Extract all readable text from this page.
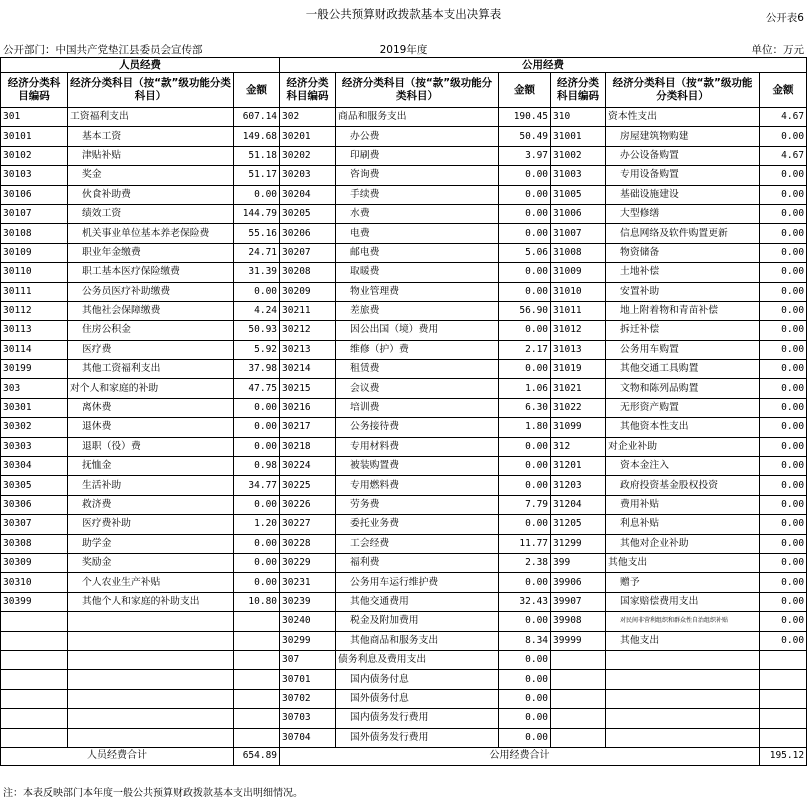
一般公共预算财政拨款基本支出决算表	公开表6
公开部门：中国共产党垫江县委员会宣传部	2019年度	单位：万元
人员经费			公用经费					
经济分类科目编码	经济分类科目（按“款”级功能分类科目）	金额	经济分类科目编码	经济分类科目（按“款”级功能分类科目）	金额	经济分类科目编码	经济分类科目（按“款”级功能分类科目）	金额
301	工资福利支出	607.14	302	商品和服务支出	190.45	310	资本性支出	4.67
30101	基本工资	149.68	30201	办公费	50.49	31001	房屋建筑物购建	0.00
30102	津贴补贴	51.18	30202	印刷费	3.97	31002	办公设备购置	4.67
30103	奖金	51.17	30203	咨询费	0.00	31003	专用设备购置	0.00
30106	伙食补助费	0.00	30204	手续费	0.00	31005	基础设施建设	0.00
30107	绩效工资	144.79	30205	水费	0.00	31006	大型修缮	0.00
30108	机关事业单位基本养老保险费	55.16	30206	电费	0.00	31007	信息网络及软件购置更新	0.00
30109	职业年金缴费	24.71	30207	邮电费	5.06	31008	物资储备	0.00
30110	职工基本医疗保险缴费	31.39	30208	取暖费	0.00	31009	土地补偿	0.00
30111	公务员医疗补助缴费	0.00	30209	物业管理费	0.00	31010	安置补助	0.00
30112	其他社会保障缴费	4.24	30211	差旅费	56.90	31011	地上附着物和青苗补偿	0.00
30113	住房公积金	50.93	30212	因公出国（境）费用	0.00	31012	拆迁补偿	0.00
30114	医疗费	5.92	30213	维修（护）费	2.17	31013	公务用车购置	0.00
30199	其他工资福利支出	37.98	30214	租赁费	0.00	31019	其他交通工具购置	0.00
303	对个人和家庭的补助	47.75	30215	会议费	1.06	31021	文物和陈列品购置	0.00
30301	离休费	0.00	30216	培训费	6.30	31022	无形资产购置	0.00
30302	退休费	0.00	30217	公务接待费	1.80	31099	其他资本性支出	0.00
30303	退职（役）费	0.00	30218	专用材料费	0.00	312	对企业补助	0.00
30304	抚恤金	0.98	30224	被装购置费	0.00	31201	资本金注入	0.00
30305	生活补助	34.77	30225	专用燃料费	0.00	31203	政府投资基金股权投资	0.00
30306	救济费	0.00	30226	劳务费	7.79	31204	费用补贴	0.00
30307	医疗费补助	1.20	30227	委托业务费	0.00	31205	利息补贴	0.00
30308	助学金	0.00	30228	工会经费	11.77	31299	其他对企业补助	0.00
30309	奖励金	0.00	30229	福利费	2.38	399	其他支出	0.00
30310	个人农业生产补贴	0.00	30231	公务用车运行维护费	0.00	39906	赠予	0.00
30399	其他个人和家庭的补助支出	10.80	30239	其他交通费用	32.43	39907	国家赔偿费用支出	0.00
			30240	税金及附加费用	0.00	39908	对民间非营利组织和群众性自治组织补贴	0.00
			30299	其他商品和服务支出	8.34	39999	其他支出	0.00
			307	债务利息及费用支出	0.00			
			30701	国内债务付息	0.00			
			30702	国外债务付息	0.00			
			30703	国内债务发行费用	0.00			
			30704	国外债务发行费用	0.00			
人员经费合计		654.89	公用经费合计					195.12
注：本表反映部门本年度一般公共预算财政拨款基本支出明细情况。
